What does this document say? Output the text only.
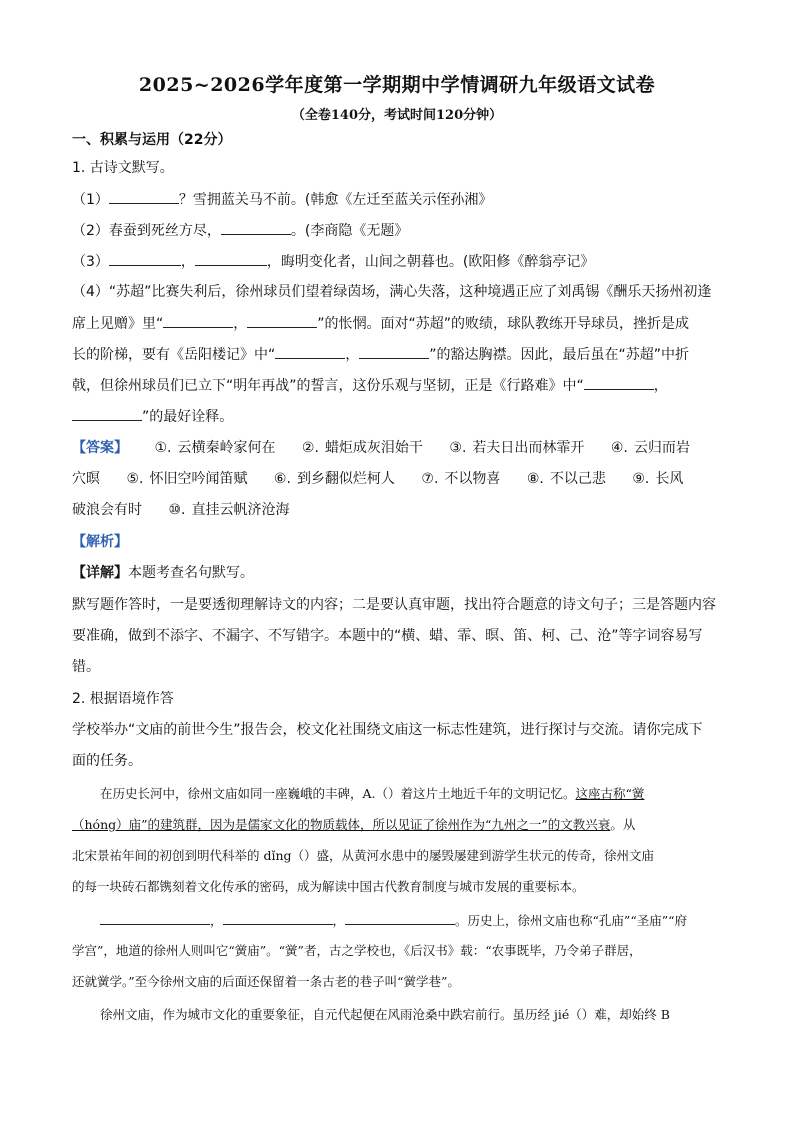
2025~2026学年度第一学期期中学情调研九年级语文试卷
（全卷140分，考试时间120分钟）
一、积累与运用（22分）
1. 古诗文默写。
（1）	？雪拥蓝关马不前。(韩愈《左迁至蓝关示侄孙湘》
（2）春蚕到死丝方尽，	。(李商隐《无题》
（3）	，	，晦明变化者，山间之朝暮也。(欧阳修《醉翁亭记》
（4）“苏超”比赛失利后，徐州球员们望着绿茵场，满心失落，这种境遇正应了刘禹锡《酬乐天扬州初逢
席上见赠》里“	，	”的怅惘。面对“苏超”的败绩，球队教练开导球员，挫折是成
长的阶梯，要有《岳阳楼记》中“	，	”的豁达胸襟。因此，最后虽在“苏超”中折
戟，但徐州球员们已立下“明年再战”的誓言，这份乐观与坚韧，正是《行路难》中“	，
”的最好诠释。
【答案】 ①. 云横秦岭家何在 ②. 蜡炬成灰泪始干 ③. 若夫日出而林霏开 ④. 云归而岩
穴暝 ⑤. 怀旧空吟闻笛赋 ⑥. 到乡翻似烂柯人 ⑦. 不以物喜 ⑧. 不以己悲 ⑨. 长风
破浪会有时 ⑩. 直挂云帆济沧海
【解析】
【详解】本题考查名句默写。
默写题作答时，一是要透彻理解诗文的内容；二是要认真审题，找出符合题意的诗文句子；三是答题内容
要准确，做到不添字、不漏字、不写错字。本题中的“横、蜡、霏、暝、笛、柯、己、沧”等字词容易写
错。
2. 根据语境作答
学校举办“文庙的前世今生”报告会，校文化社围绕文庙这一标志性建筑，进行探讨与交流。请你完成下
面的任务。
在历史长河中，徐州文庙如同一座巍峨的丰碑，A.（）着这片土地近千年的文明记忆。这座古称“黉
（hóng）庙”的建筑群，因为是儒家文化的物质载体，所以见证了徐州作为“九州之一”的文教兴衰。从
北宋景祐年间的初创到明代科举的 dǐng（）盛，从黄河水患中的屡毁屡建到游学生状元的传奇，徐州文庙
的每一块砖石都镌刻着文化传承的密码，成为解读中国古代教育制度与城市发展的重要标本。
，	，	。历史上，徐州文庙也称“孔庙”“圣庙”“府
学宫”，地道的徐州人则叫它“黉庙”。“黉”者，古之学校也，《后汉书》载：“农事既毕，乃令弟子群居，
还就黉学。”至今徐州文庙的后面还保留着一条古老的巷子叫“黉学巷”。
徐州文庙，作为城市文化的重要象征，自元代起便在风雨沧桑中跌宕前行。虽历经 jié（）难，却始终 B
